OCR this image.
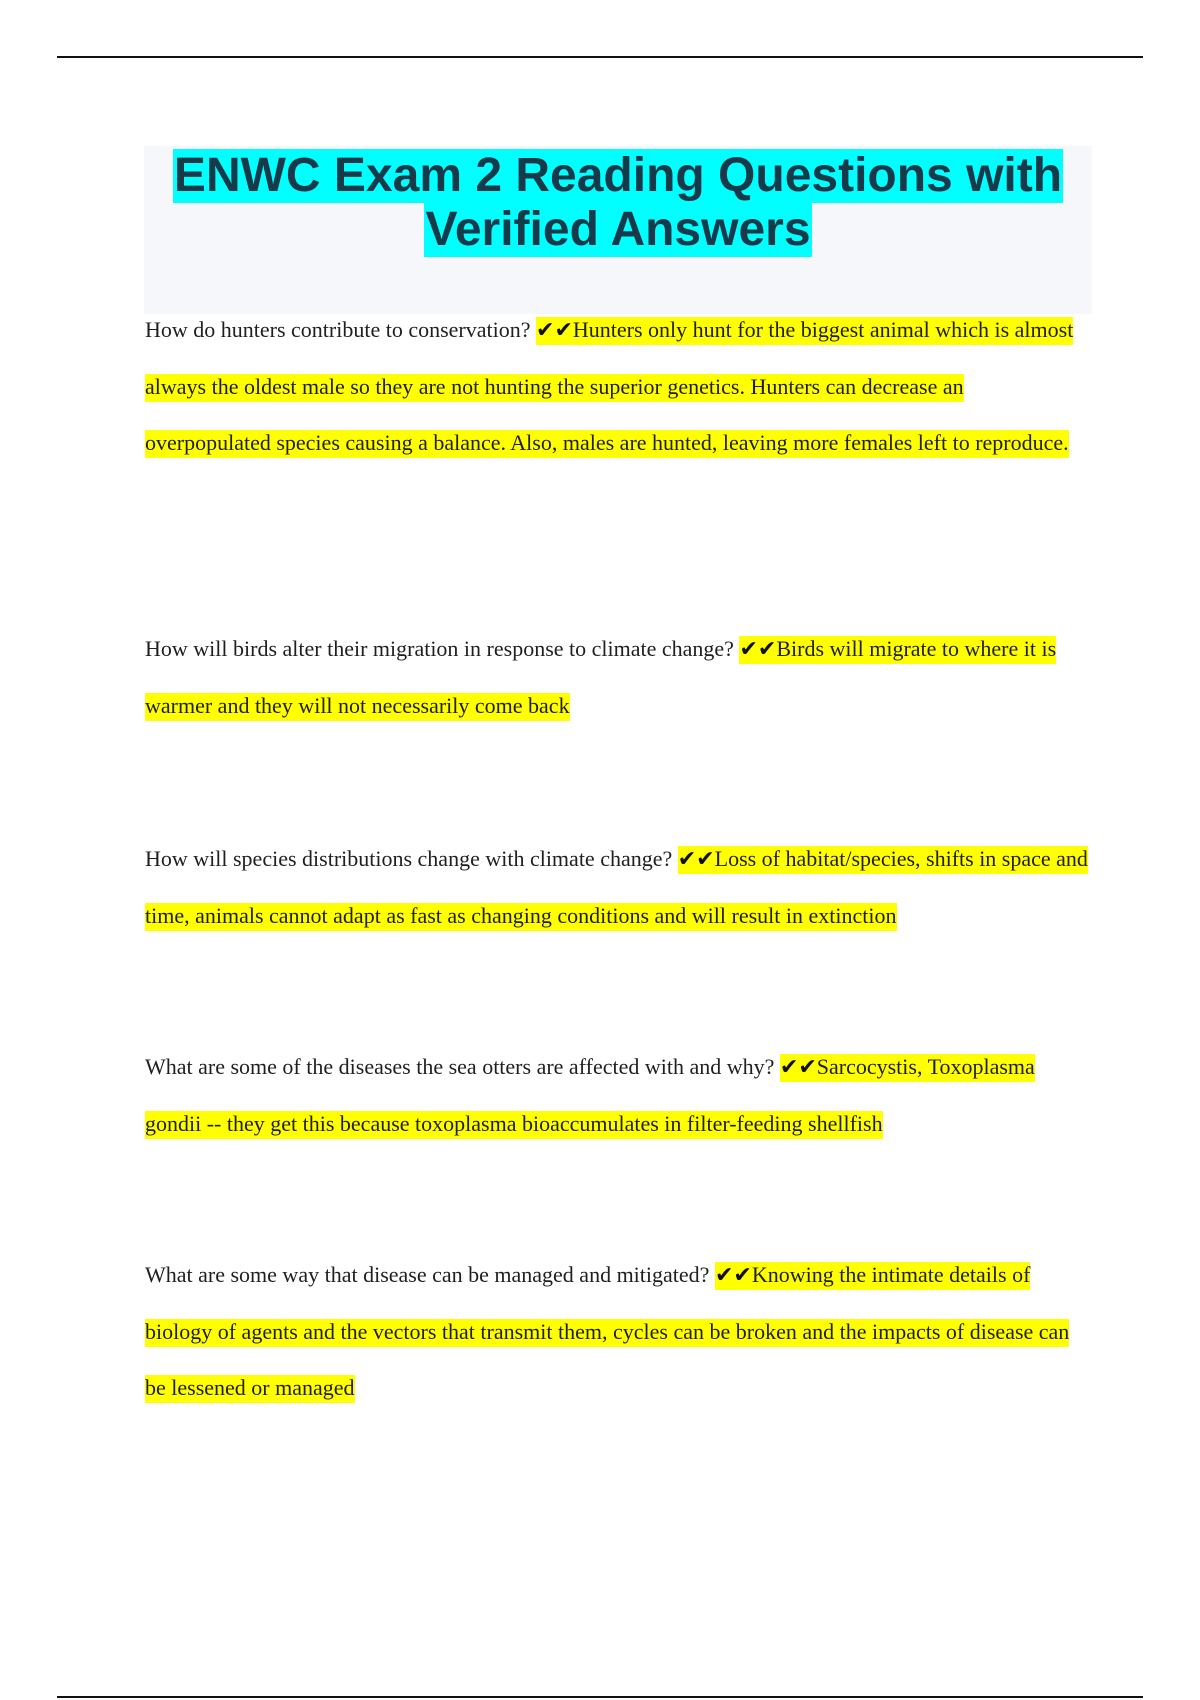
ENWC Exam 2 Reading Questions with
Verified Answers

How do hunters contribute to conservation? ✔✔Hunters only hunt for the biggest animal which is almost always the oldest male so they are not hunting the superior genetics. Hunters can decrease an overpopulated species causing a balance. Also, males are hunted, leaving more females left to reproduce.

How will birds alter their migration in response to climate change? ✔✔Birds will migrate to where it is warmer and they will not necessarily come back

How will species distributions change with climate change? ✔✔Loss of habitat/species, shifts in space and time, animals cannot adapt as fast as changing conditions and will result in extinction

What are some of the diseases the sea otters are affected with and why? ✔✔Sarcocystis, Toxoplasma gondii -- they get this because toxoplasma bioaccumulates in filter-feeding shellfish

What are some way that disease can be managed and mitigated? ✔✔Knowing the intimate details of biology of agents and the vectors that transmit them, cycles can be broken and the impacts of disease can be lessened or managed
